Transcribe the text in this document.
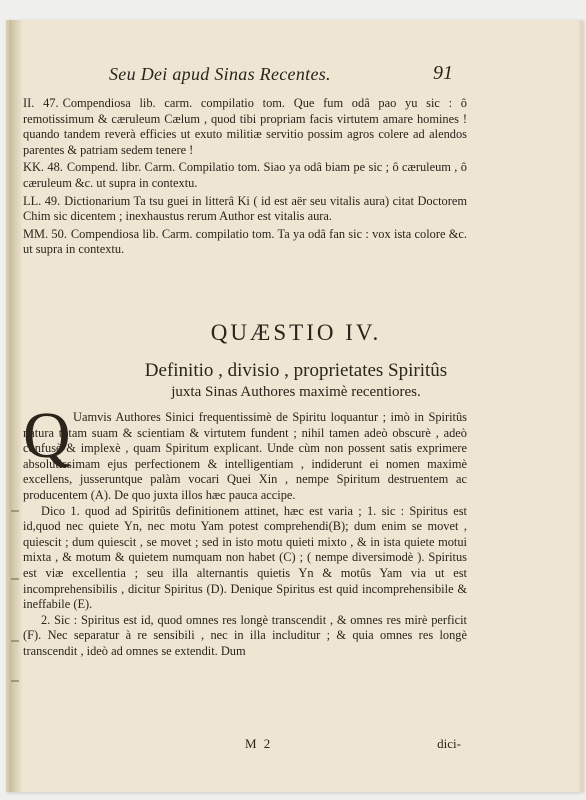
Seu Dei apud Sinas Recentes.	91

II. 47. Compendiosa lib. carm. compilatio tom. Que fum odâ pao yu sic : ô remotissimum & cæruleum Cælum , quod tibi propriam facis virtutem amare homines ! quando tandem reverà efficies ut exuto militiæ servitio possim agros colere ad alendos parentes & patriam sedem tenere !

KK. 48. Compend. libr. Carm. Compilatio tom. Siao ya odâ biam pe sic ; ô cæruleum , ô cæruleum &c. ut supra in contextu.

LL. 49. Dictionarium Ta tsu guei in litterâ Ki ( id est aër seu vitalis aura) citat Doctorem Chim sic dicentem ; inexhaustus rerum Author est vitalis aura.

MM. 50. Compendiosa lib. Carm. compilatio tom. Ta ya odâ fan sic : vox ista colore &c. ut supra in contextu.

QUÆSTIO IV.
Definitio , divisio , proprietates Spiritûs
juxta Sinas Authores maximè recentiores.
Q Uamvis Authores Sinici frequentissimè de Spiritu loquantur ; imò in Spiritûs natura totam suam & scientiam & virtutem fundent ; nihil tamen adeò obscurè , adeò confusè & implexè , quam Spiritum explicant. Unde cùm non possent satis exprimere absolutissimam ejus perfectionem & intelligentiam , indiderunt ei nomen maximè excellens, jusseruntque palàm vocari Quei Xin , nempe Spiritum destruentem ac producentem (A). De quo juxta illos hæc pauca accipe.

Dico 1. quod ad Spiritûs definitionem attinet, hæc est varia ; 1. sic : Spiritus est id,quod nec quiete Yn, nec motu Yam potest comprehendi(B); dum enim se movet , quiescit ; dum quiescit , se movet ; sed in isto motu quieti mixto , & in ista quiete motui mixta , & motum & quietem numquam non habet (C) ; ( nempe diversimodè ). Spiritus est viæ excellentia ; seu illa alternantis quietis Yn & motûs Yam via ut est incomprehensibilis , dicitur Spiritus (D). Denique Spiritus est quid incomprehensibile & ineffabile (E).

2. Sic : Spiritus est id, quod omnes res longè transcendit , & omnes res mirè perficit (F). Nec separatur à re sensibili , nec in illa includitur ; & quia omnes res longè transcendit , ideò ad omnes se extendit. Dum

M 2	dici-
